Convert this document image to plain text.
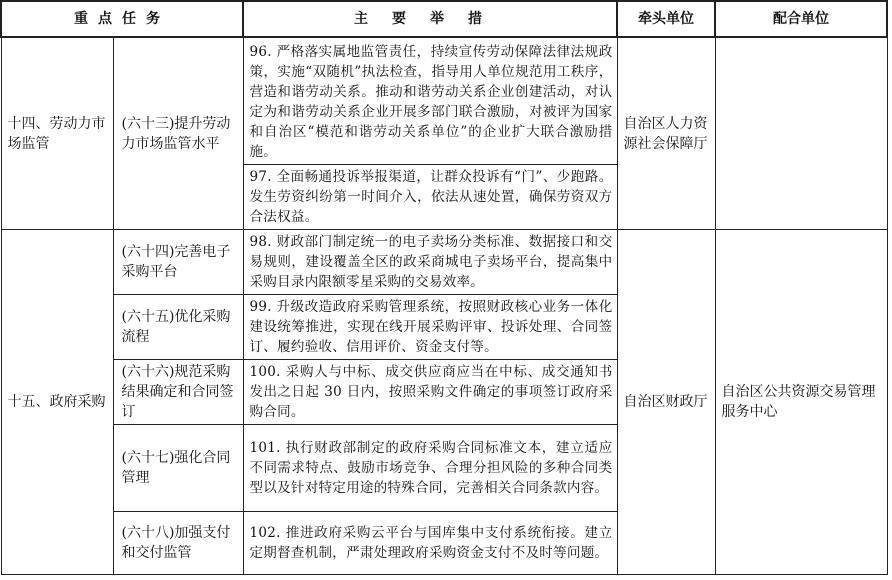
重点任务		主要举措	牵头单位	配合单位

十四、劳动力市场监管	(六十三)提升劳动力市场监管水平	96. 严格落实属地监管责任，持续宣传劳动保障法律法规政策，实施“双随机”执法检查，指导用人单位规范用工秩序，营造和谐劳动关系。推动和谐劳动关系企业创建活动，对认定为和谐劳动关系企业开展多部门联合激励，对被评为国家和自治区“模范和谐劳动关系单位”的企业扩大联合激励措施。	自治区人力资源社会保障厅	

		97. 全面畅通投诉举报渠道，让群众投诉有“门”、少跑路。发生劳资纠纷第一时间介入，依法从速处置，确保劳资双方合法权益。		

十五、政府采购	(六十四)完善电子采购平台	98. 财政部门制定统一的电子卖场分类标准、数据接口和交易规则，建设覆盖全区的政采商城电子卖场平台，提高集中采购目录内限额零星采购的交易效率。	自治区财政厅	自治区公共资源交易管理服务中心

	(六十五)优化采购流程	99. 升级改造政府采购管理系统，按照财政核心业务一体化建设统筹推进，实现在线开展采购评审、投诉处理、合同签订、履约验收、信用评价、资金支付等。		

	(六十六)规范采购结果确定和合同签订	100. 采购人与中标、成交供应商应当在中标、成交通知书发出之日起 30 日内，按照采购文件确定的事项签订政府采购合同。		

	(六十七)强化合同管理	101. 执行财政部制定的政府采购合同标准文本，建立适应不同需求特点、鼓励市场竞争、合理分担风险的多种合同类型以及针对特定用途的特殊合同，完善相关合同条款内容。		

	(六十八)加强支付和交付监管	102. 推进政府采购云平台与国库集中支付系统衔接。建立定期督查机制，严肃处理政府采购资金支付不及时等问题。		
